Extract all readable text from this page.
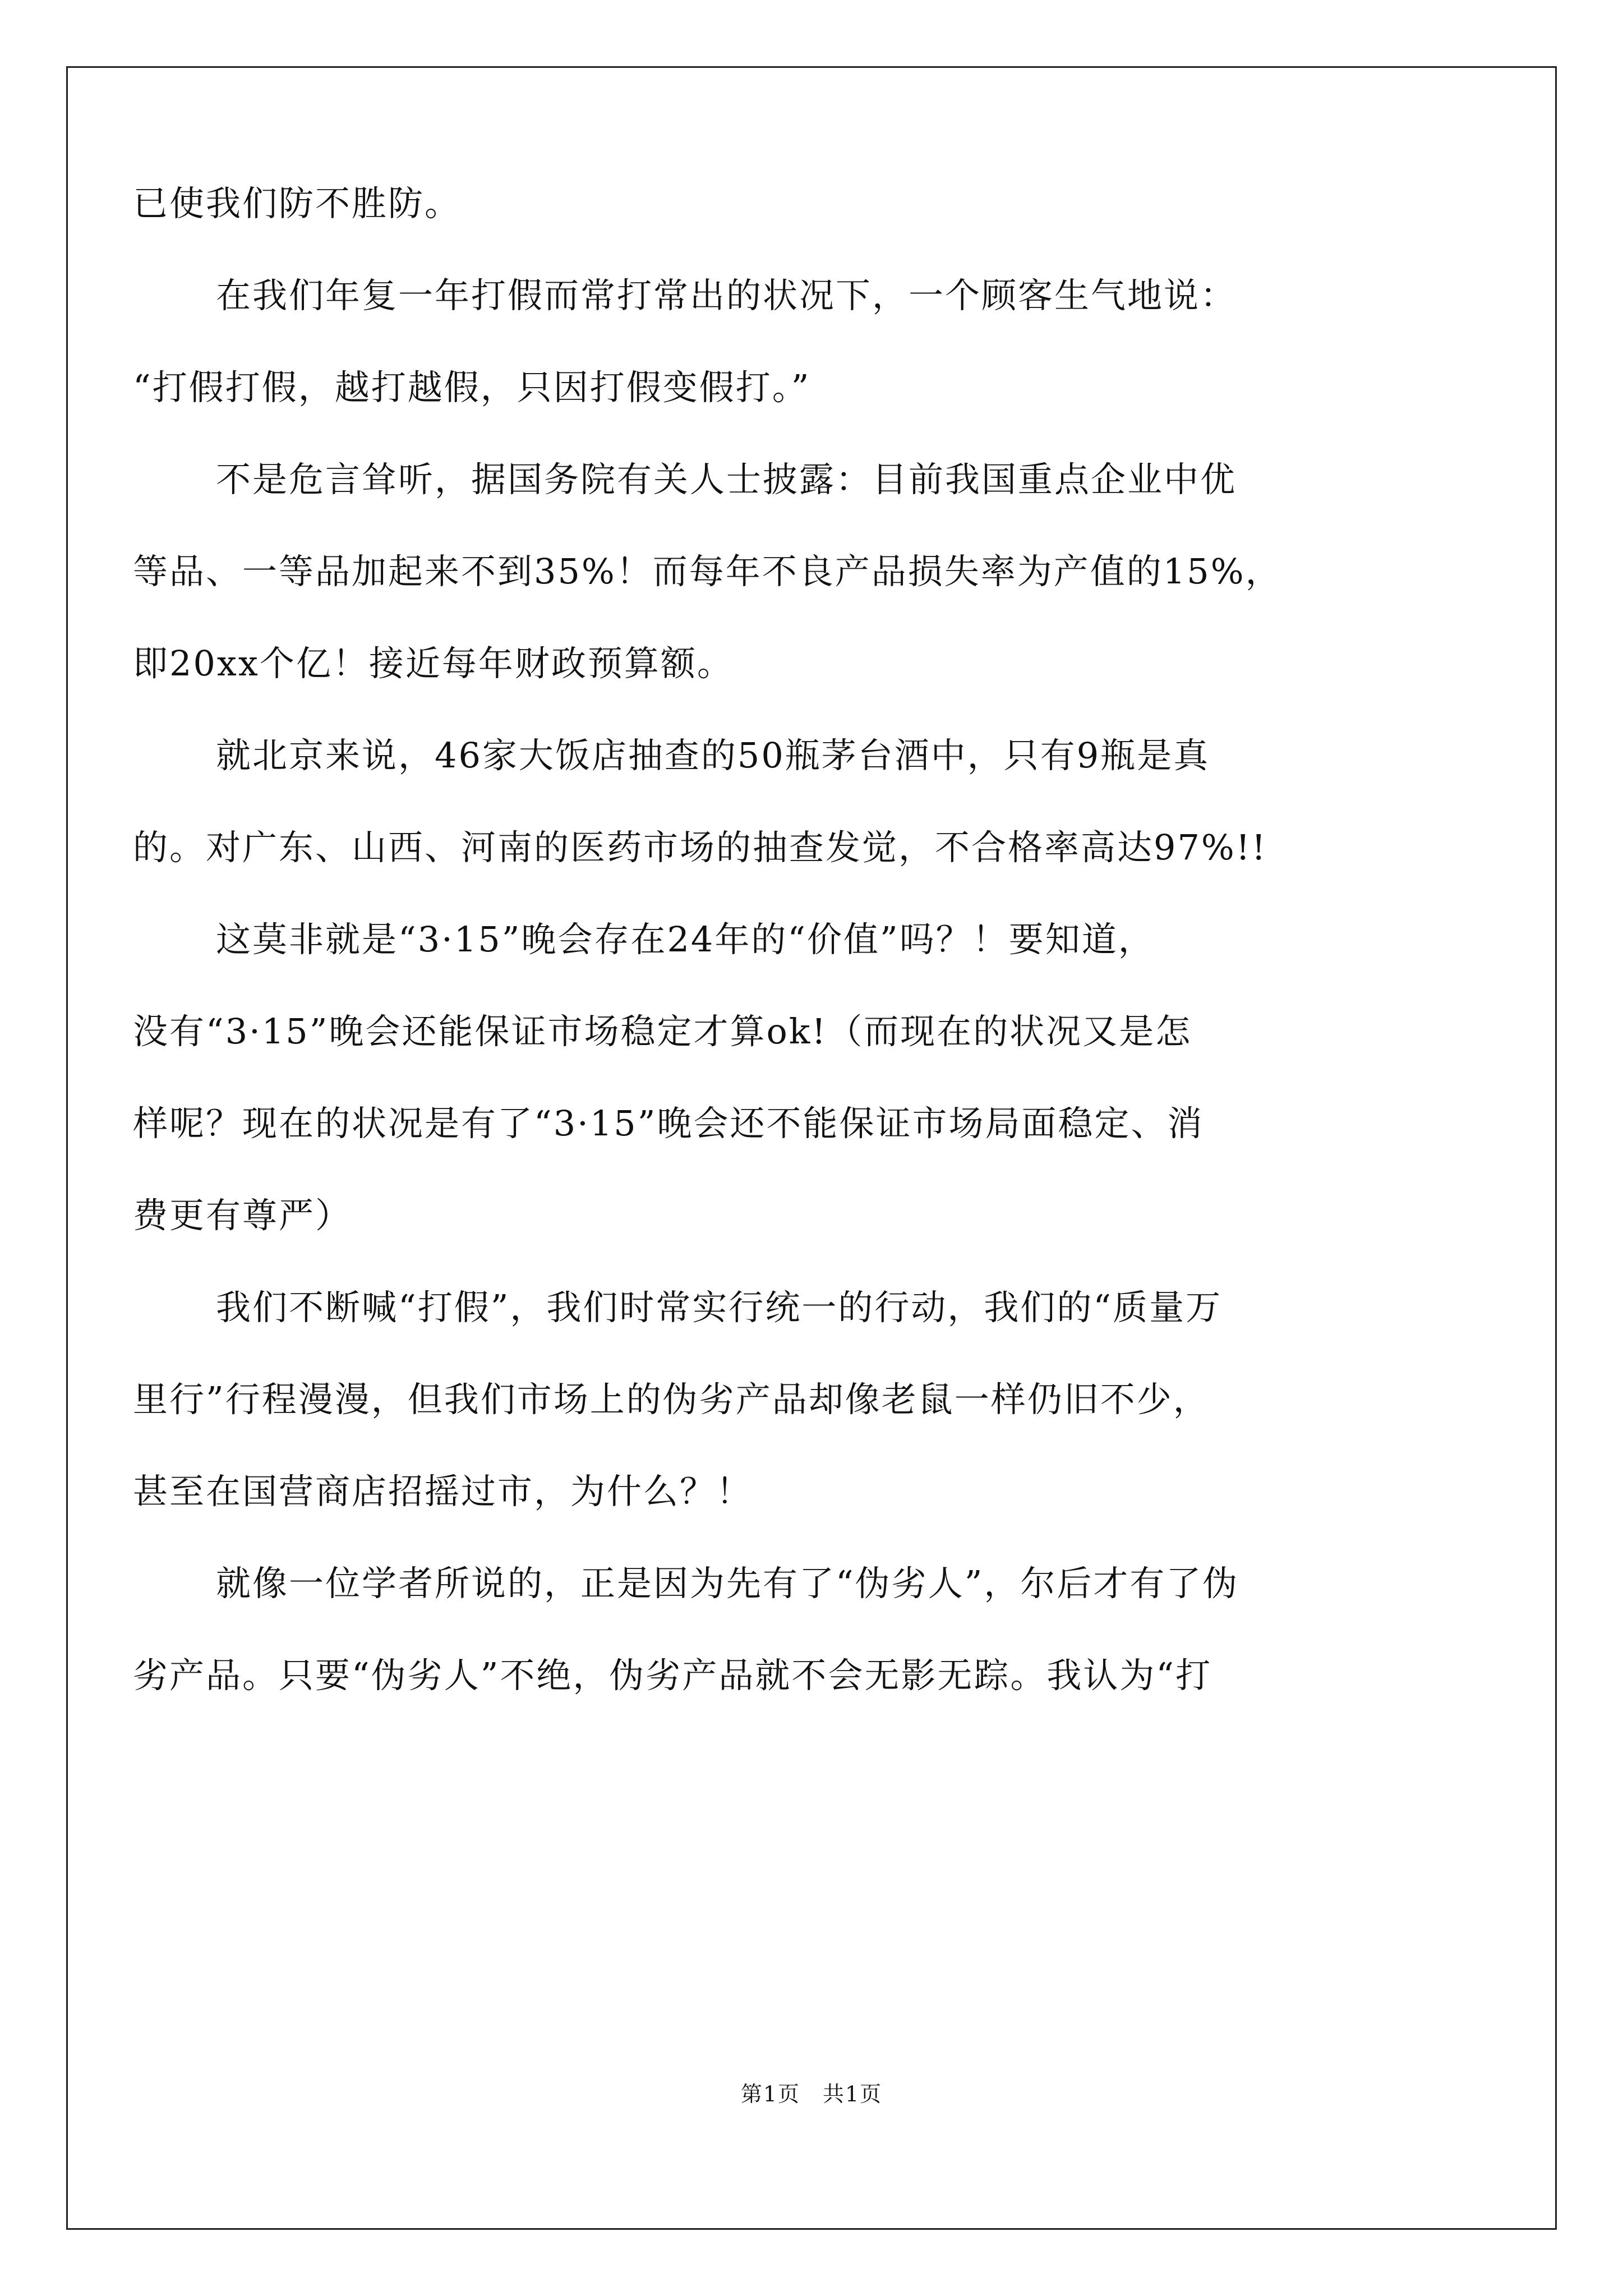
已使我们防不胜防。
在我们年复一年打假而常打常出的状况下，一个顾客生气地说：
“打假打假，越打越假，只因打假变假打。”
不是危言耸听，据国务院有关人士披露：目前我国重点企业中优
等品、一等品加起来不到35%！而每年不良产品损失率为产值的15%，
即20xx个亿！接近每年财政预算额。
就北京来说，46家大饭店抽查的50瓶茅台酒中，只有9瓶是真
的。对广东、山西、河南的医药市场的抽查发觉，不合格率高达97%!!
这莫非就是“3·15”晚会存在24年的“价值”吗？！要知道，
没有“3·15”晚会还能保证市场稳定才算ok!（而现在的状况又是怎
样呢？现在的状况是有了“3·15”晚会还不能保证市场局面稳定、消
费更有尊严）
我们不断喊“打假”，我们时常实行统一的行动，我们的“质量万
里行”行程漫漫，但我们市场上的伪劣产品却像老鼠一样仍旧不少，
甚至在国营商店招摇过市，为什么？！
就像一位学者所说的，正是因为先有了“伪劣人”，尔后才有了伪
劣产品。只要“伪劣人”不绝，伪劣产品就不会无影无踪。我认为“打
第1页　共1页
